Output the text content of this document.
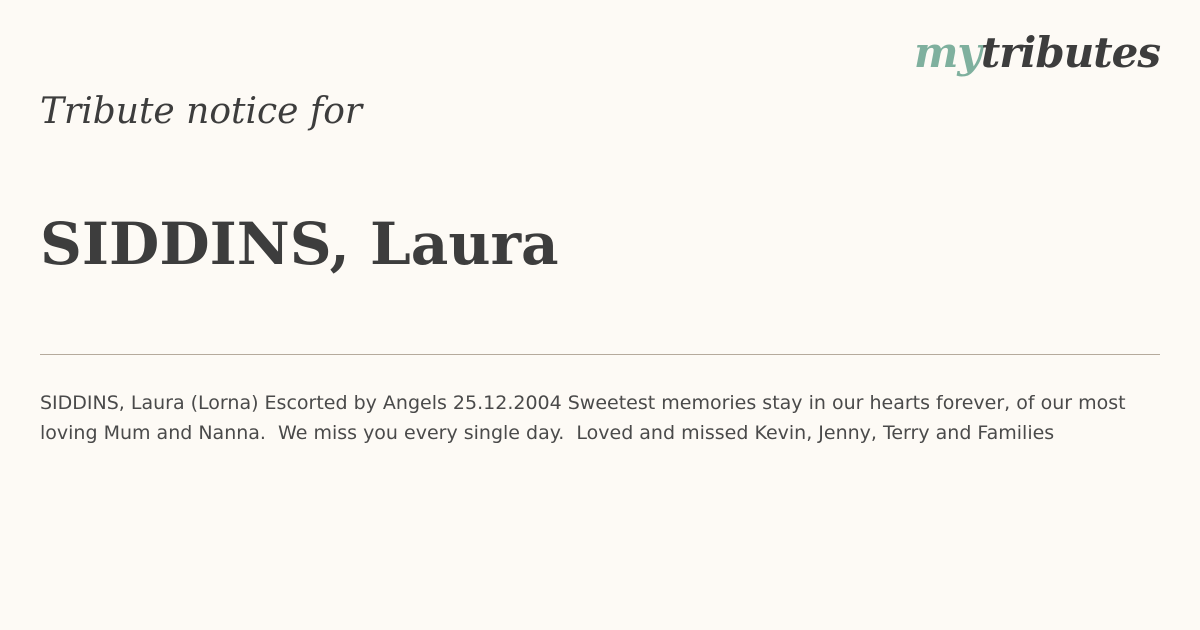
mytributes
Tribute notice for
SIDDINS, Laura

SIDDINS, Laura (Lorna) Escorted by Angels 25.12.2004 Sweetest memories stay in our hearts forever, of our most loving Mum and Nanna.  We miss you every single day.  Loved and missed Kevin, Jenny, Terry and Families
